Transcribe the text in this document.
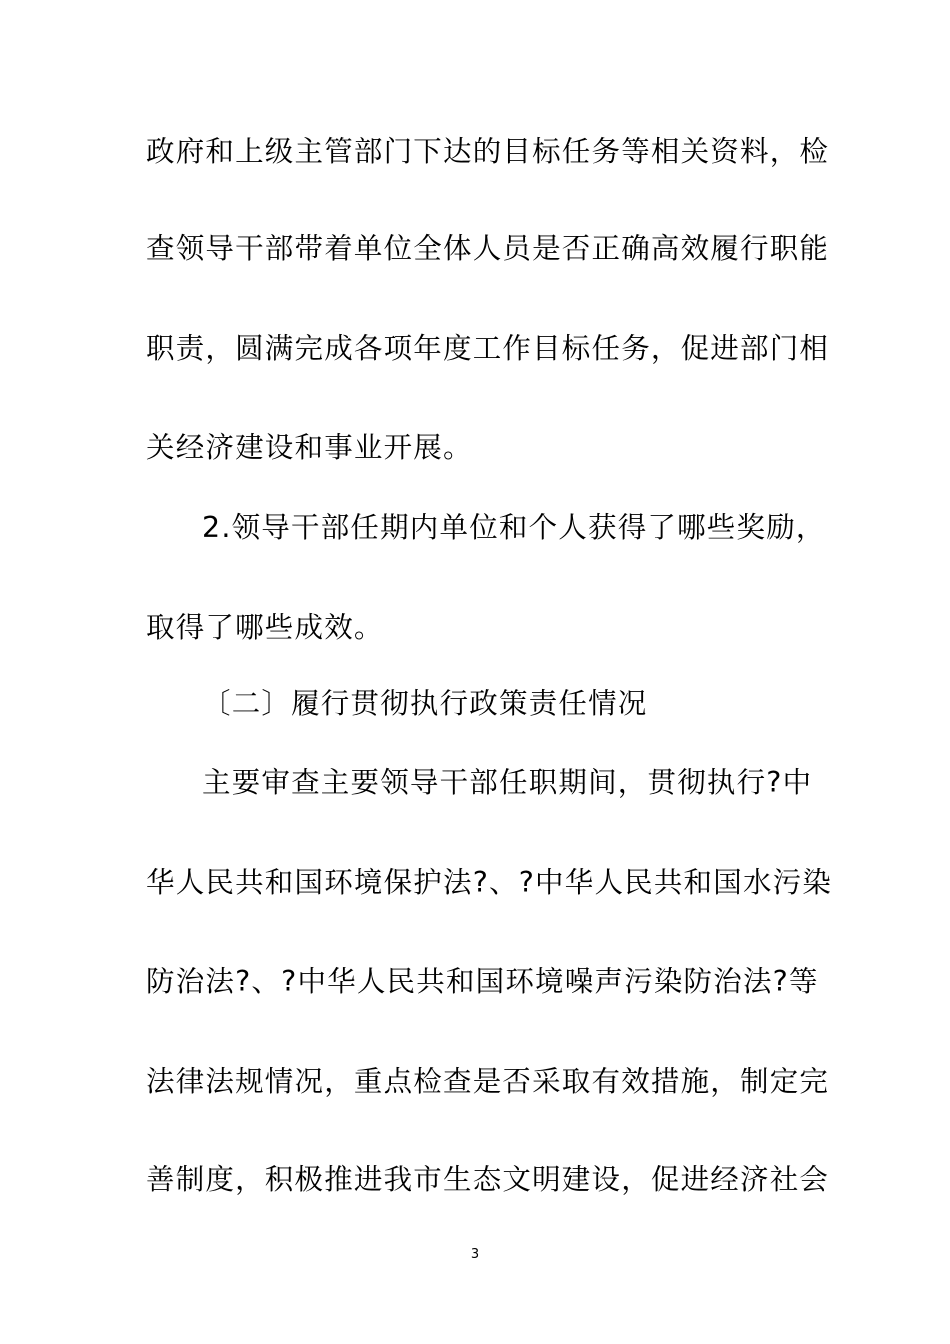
政府和上级主管部门下达的目标任务等相关资料，检
查领导干部带着单位全体人员是否正确高效履行职能
职责，圆满完成各项年度工作目标任务，促进部门相
关经济建设和事业开展。
2.领导干部任期内单位和个人获得了哪些奖励，
取得了哪些成效。
〔二〕履行贯彻执行政策责任情况
主要审查主要领导干部任职期间，贯彻执行?中
华人民共和国环境保护法?、?中华人民共和国水污染
防治法?、?中华人民共和国环境噪声污染防治法?等
法律法规情况，重点检查是否采取有效措施，制定完
善制度，积极推进我市生态文明建设，促进经济社会
3
